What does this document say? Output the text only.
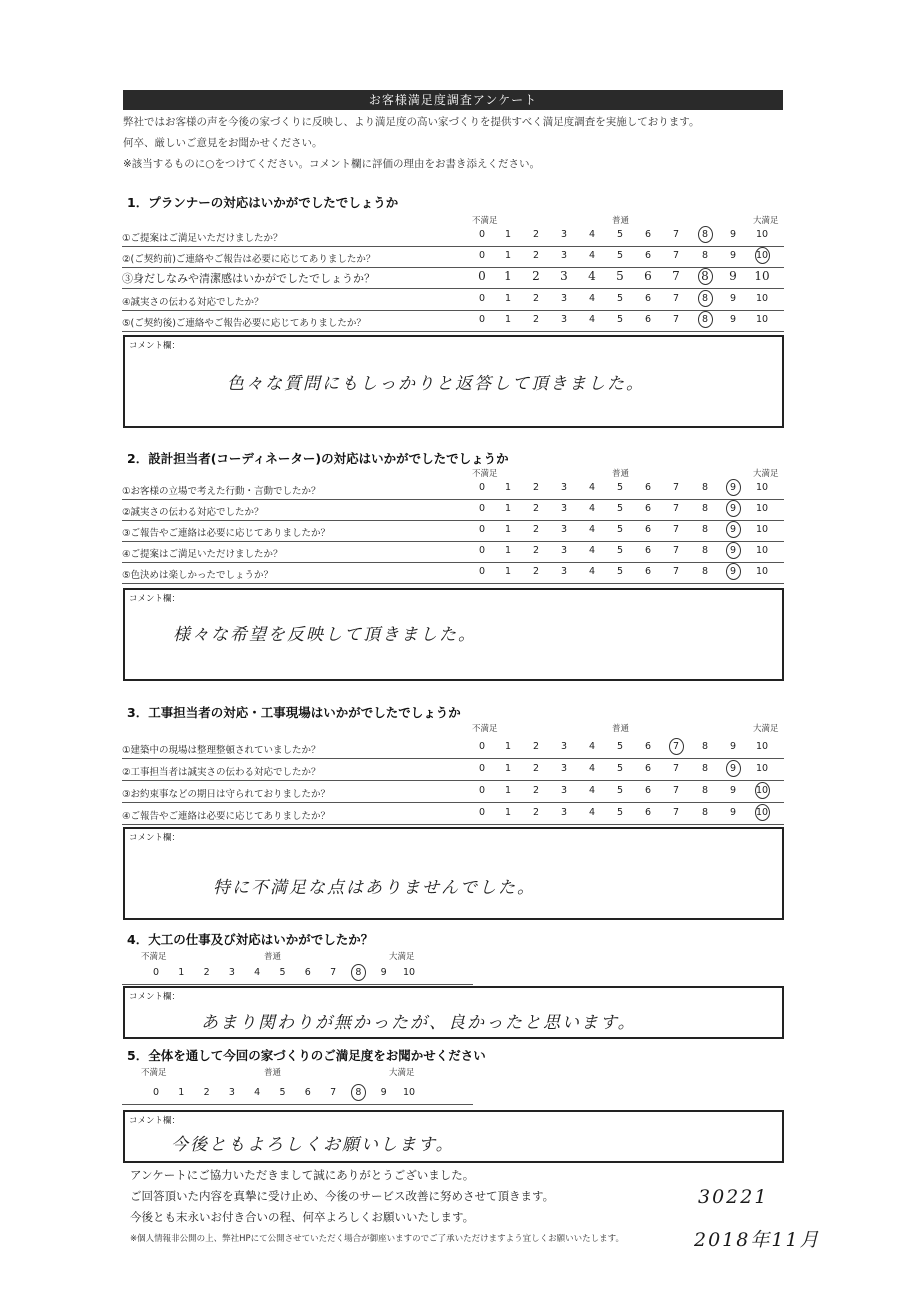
お客様満足度調査アンケート
弊社ではお客様の声を今後の家づくりに反映し、より満足度の高い家づくりを提供すべく満足度調査を実施しております。
何卒、厳しいご意見をお聞かせください。
※該当するものに○をつけてください。コメント欄に評価の理由をお書き添えください。
1．プランナーの対応はいかがでしたでしょうか
不満足	普通	大満足
①ご提案はご満足いただけましたか？	0	1	2	3	4	5	6	7	8	9	10
②(ご契約前)ご連絡やご報告は必要に応じてありましたか？	0	1	2	3	4	5	6	7	8	9	10
③身だしなみや清潔感はいかがでしたでしょうか？	0	1	2	3	4	5	6	7	8	9	10
④誠実さの伝わる対応でしたか？	0	1	2	3	4	5	6	7	8	9	10
⑤(ご契約後)ご連絡やご報告必要に応じてありましたか？	0	1	2	3	4	5	6	7	8	9	10
コメント欄：
色々な質問にもしっかりと返答して頂きました。
2．設計担当者(コーディネーター)の対応はいかがでしたでしょうか
不満足	普通	大満足
①お客様の立場で考えた行動・言動でしたか？	0	1	2	3	4	5	6	7	8	9	10
②誠実さの伝わる対応でしたか？	0	1	2	3	4	5	6	7	8	9	10
③ご報告やご連絡は必要に応じてありましたか？	0	1	2	3	4	5	6	7	8	9	10
④ご提案はご満足いただけましたか？	0	1	2	3	4	5	6	7	8	9	10
⑤色決めは楽しかったでしょうか？	0	1	2	3	4	5	6	7	8	9	10
コメント欄：
様々な希望を反映して頂きました。
3．工事担当者の対応・工事現場はいかがでしたでしょうか
不満足	普通	大満足
①建築中の現場は整理整頓されていましたか？	0	1	2	3	4	5	6	7	8	9	10
②工事担当者は誠実さの伝わる対応でしたか？	0	1	2	3	4	5	6	7	8	9	10
③お約束事などの期日は守られておりましたか？	0	1	2	3	4	5	6	7	8	9	10
④ご報告やご連絡は必要に応じてありましたか？	0	1	2	3	4	5	6	7	8	9	10
コメント欄：
特に不満足な点はありませんでした。
4．大工の仕事及び対応はいかがでしたか？
不満足	普通	大満足
0	1	2	3	4	5	6	7	8	9	10
コメント欄：
あまり関わりが無かったが、良かったと思います。
5．全体を通して今回の家づくりのご満足度をお聞かせください
不満足	普通	大満足
0	1	2	3	4	5	6	7	8	9	10
コメント欄：
今後ともよろしくお願いします。
アンケートにご協力いただきまして誠にありがとうございました。
ご回答頂いた内容を真摯に受け止め、今後のサービス改善に努めさせて頂きます。
今後とも末永いお付き合いの程、何卒よろしくお願いいたします。
※個人情報非公開の上、弊社HPにて公開させていただく場合が御座いますのでご了承いただけますよう宜しくお願いいたします。
30221
2018年11月
